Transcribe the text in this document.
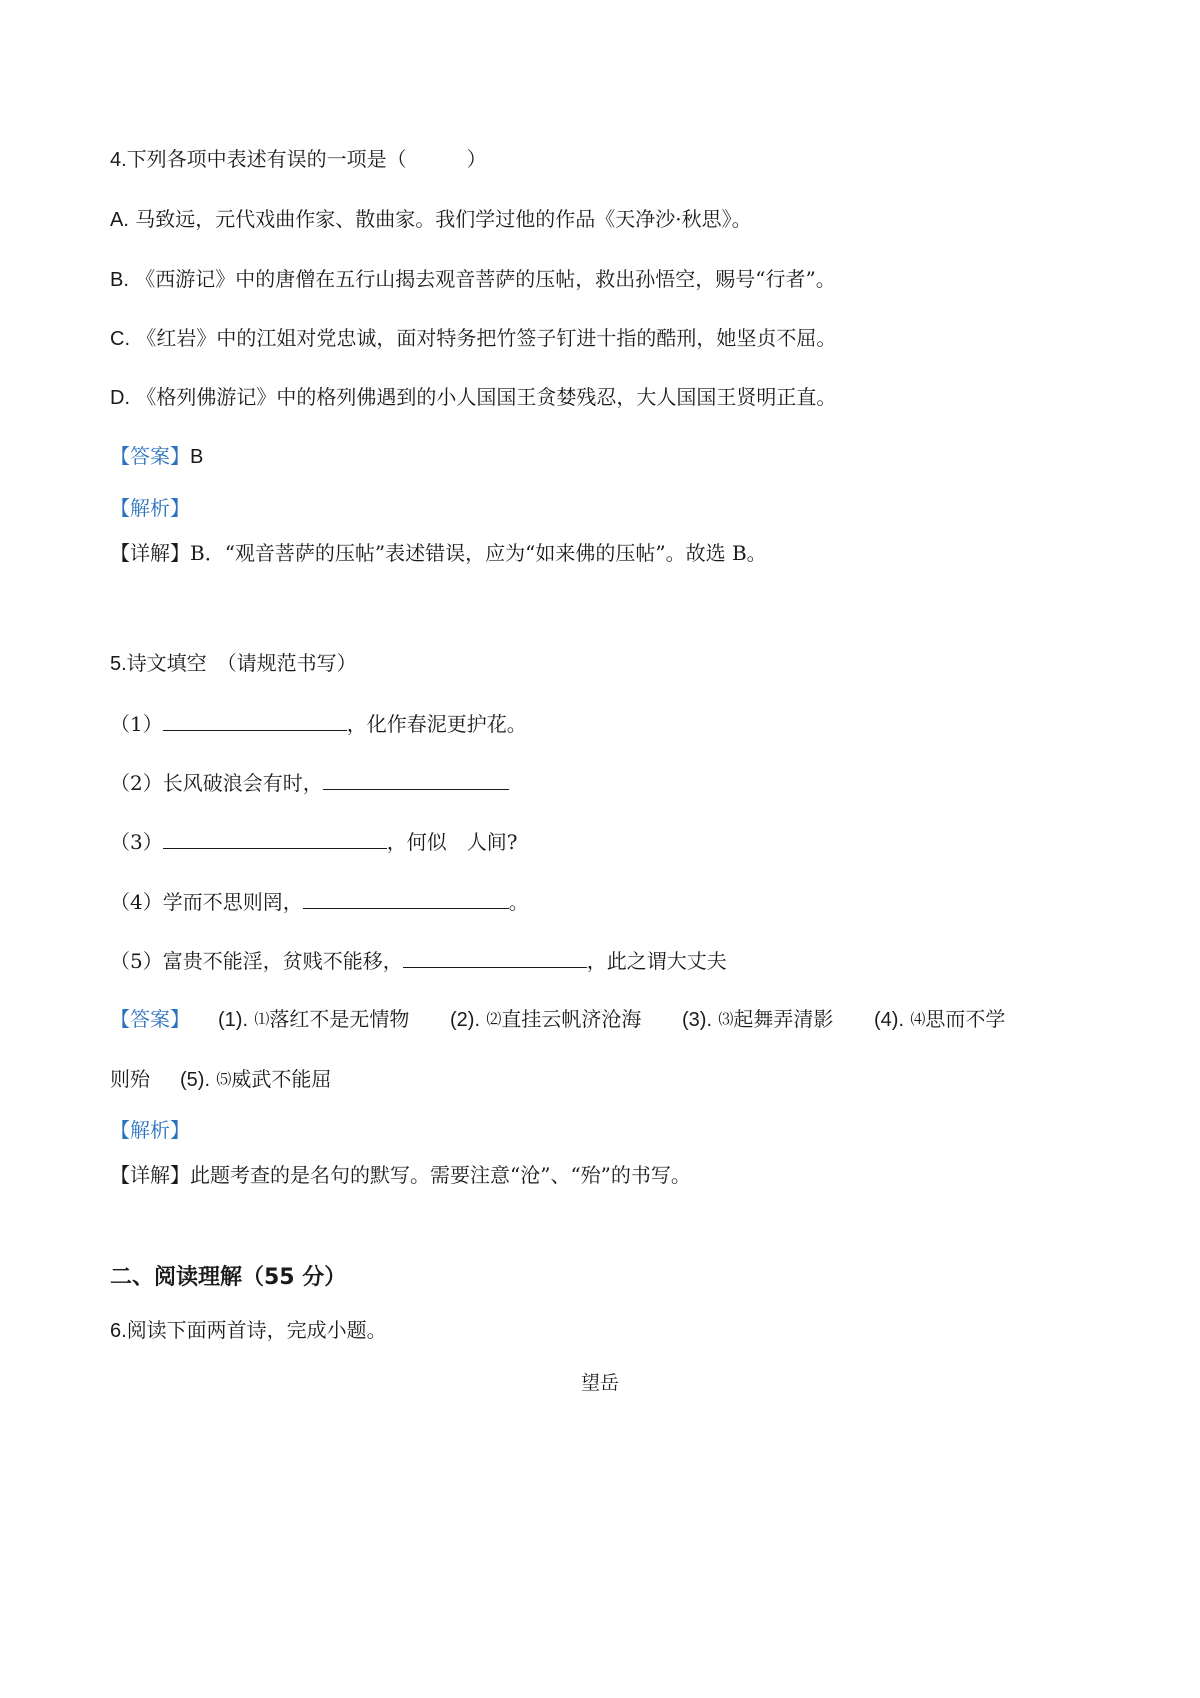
4.下列各项中表述有误的一项是（　　　）
A. 马致远，元代戏曲作家、散曲家。我们学过他的作品《天净沙·秋思》。
B. 《西游记》中的唐僧在五行山揭去观音菩萨的压帖，救出孙悟空，赐号“行者”。
C. 《红岩》中的江姐对党忠诚，面对特务把竹签子钉进十指的酷刑，她坚贞不屈。
D. 《格列佛游记》中的格列佛遇到的小人国国王贪婪残忍，大人国国王贤明正直。
【答案】B
【解析】
【详解】B．“观音菩萨的压帖”表述错误，应为“如来佛的压帖”。故选 B。
5.诗文填空　（请规范书写）
（1）	，化作春泥更护花。
（2）长风破浪会有时，
（3）	，何似　人间?
（4）学而不思则罔，	。
（5）富贵不能淫，贫贱不能移，	，此之谓大丈夫
【答案】 (1). ⑴落红不是无情物 (2). ⑵直挂云帆济沧海 (3). ⑶起舞弄清影 (4). ⑷思而不学
则殆 (5). ⑸威武不能屈
【解析】
【详解】此题考查的是名句的默写。需要注意“沧”、“殆”的书写。
二、阅读理解（55 分）
6.阅读下面两首诗，完成小题。
望岳
